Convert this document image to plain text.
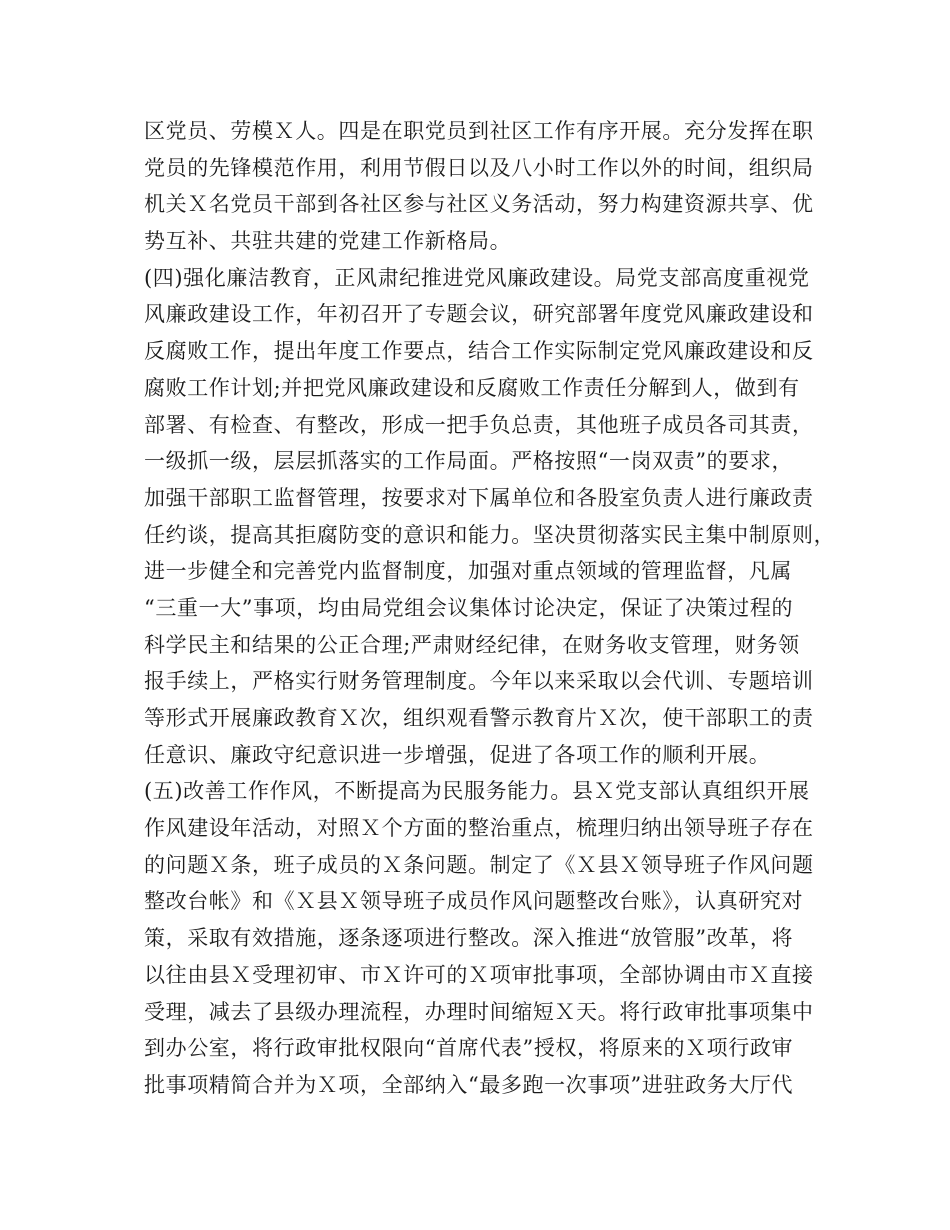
区党员、劳模Ｘ人。四是在职党员到社区工作有序开展。充分发挥在职
党员的先锋模范作用，利用节假日以及八小时工作以外的时间，组织局
机关Ｘ名党员干部到各社区参与社区义务活动，努力构建资源共享、优
势互补、共驻共建的党建工作新格局。
(四)强化廉洁教育，正风肃纪推进党风廉政建设。局党支部高度重视党
风廉政建设工作，年初召开了专题会议，研究部署年度党风廉政建设和
反腐败工作，提出年度工作要点，结合工作实际制定党风廉政建设和反
腐败工作计划;并把党风廉政建设和反腐败工作责任分解到人，做到有
部署、有检查、有整改，形成一把手负总责，其他班子成员各司其责，
一级抓一级，层层抓落实的工作局面。严格按照“一岗双责”的要求，
加强干部职工监督管理，按要求对下属单位和各股室负责人进行廉政责
任约谈，提高其拒腐防变的意识和能力。坚决贯彻落实民主集中制原则，
进一步健全和完善党内监督制度，加强对重点领域的管理监督，凡属
“三重一大”事项，均由局党组会议集体讨论决定，保证了决策过程的
科学民主和结果的公正合理;严肃财经纪律，在财务收支管理，财务领
报手续上，严格实行财务管理制度。今年以来采取以会代训、专题培训
等形式开展廉政教育Ｘ次，组织观看警示教育片Ｘ次，使干部职工的责
任意识、廉政守纪意识进一步增强，促进了各项工作的顺利开展。
(五)改善工作作风，不断提高为民服务能力。县Ｘ党支部认真组织开展
作风建设年活动，对照Ｘ个方面的整治重点，梳理归纳出领导班子存在
的问题Ｘ条，班子成员的Ｘ条问题。制定了《Ｘ县Ｘ领导班子作风问题
整改台帐》和《Ｘ县Ｘ领导班子成员作风问题整改台账》，认真研究对
策，采取有效措施，逐条逐项进行整改。深入推进“放管服”改革，将
以往由县Ｘ受理初审、市Ｘ许可的Ｘ项审批事项，全部协调由市Ｘ直接
受理，减去了县级办理流程，办理时间缩短Ｘ天。将行政审批事项集中
到办公室，将行政审批权限向“首席代表”授权，将原来的Ｘ项行政审
批事项精简合并为Ｘ项，全部纳入“最多跑一次事项”进驻政务大厅代
